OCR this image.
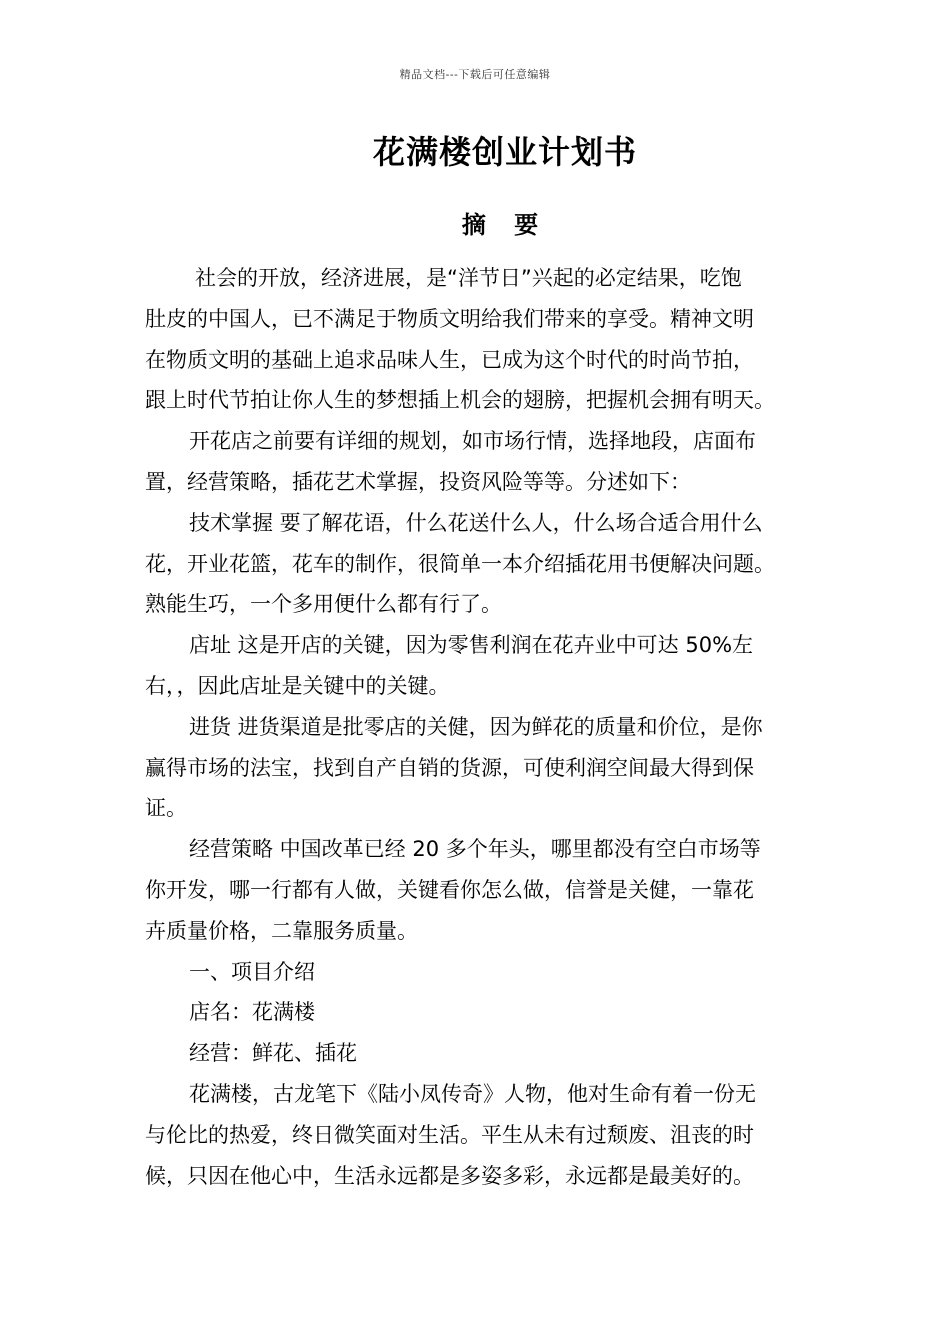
精品文档---下载后可任意编辑
花满楼创业计划书
摘 要
社会的开放，经济进展，是“洋节日”兴起的必定结果，吃饱
肚皮的中国人，已不满足于物质文明给我们带来的享受。精神文明
在物质文明的基础上追求品味人生，已成为这个时代的时尚节拍，
跟上时代节拍让你人生的梦想插上机会的翅膀，把握机会拥有明天。
开花店之前要有详细的规划，如市场行情，选择地段，店面布
置，经营策略，插花艺术掌握，投资风险等等。分述如下：
技术掌握 要了解花语，什么花送什么人，什么场合适合用什么
花，开业花篮，花车的制作，很简单一本介绍插花用书便解决问题。
熟能生巧，一个多用便什么都有行了。
店址 这是开店的关键，因为零售利润在花卉业中可达 50%左
右，，因此店址是关键中的关键。
进货 进货渠道是批零店的关健，因为鲜花的质量和价位，是你
赢得市场的法宝，找到自产自销的货源，可使利润空间最大得到保
证。
经营策略 中国改革已经 20 多个年头，哪里都没有空白市场等
你开发，哪一行都有人做，关键看你怎么做，信誉是关健，一靠花
卉质量价格，二靠服务质量。
一、项目介绍
店名：花满楼
经营：鲜花、插花
花满楼，古龙笔下《陆小凤传奇》人物，他对生命有着一份无
与伦比的热爱，终日微笑面对生活。平生从未有过颓废、沮丧的时
候，只因在他心中，生活永远都是多姿多彩，永远都是最美好的。
